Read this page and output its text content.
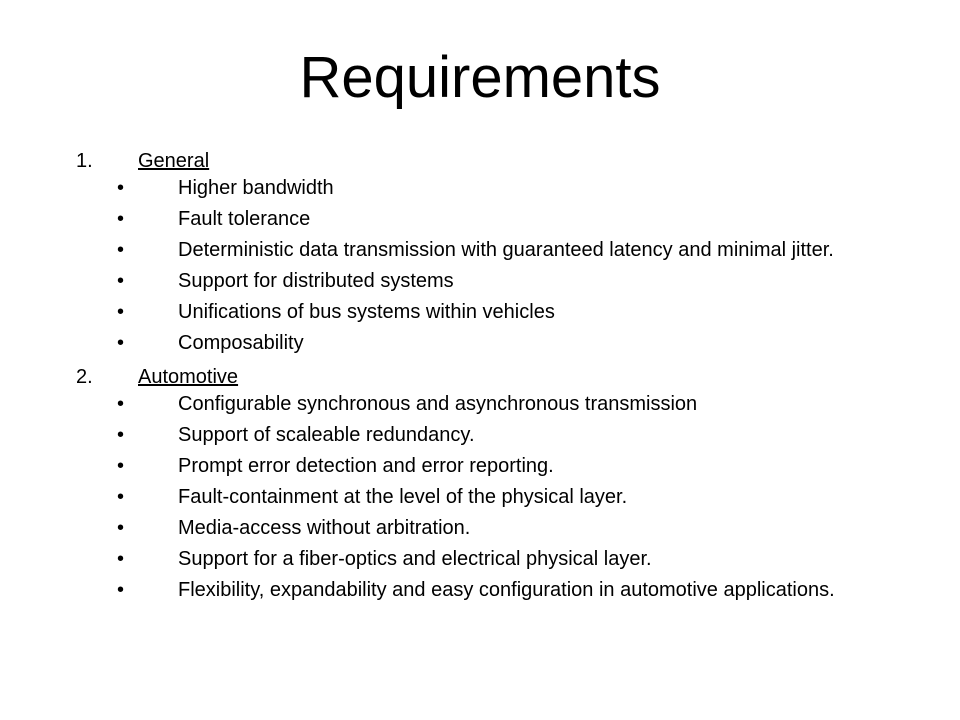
Requirements
1. General
•	Higher bandwidth
•	Fault tolerance
•	Deterministic data transmission with guaranteed latency and minimal jitter.
•	Support for distributed systems
•	Unifications of bus systems within vehicles
•	Composability
2. Automotive
•	Configurable synchronous and asynchronous transmission
•	Support of scaleable redundancy.
•	Prompt error detection and error reporting.
•	Fault-containment at the level of the physical layer.
•	Media-access without arbitration.
•	Support for a fiber-optics and electrical physical layer.
•	Flexibility, expandability and easy configuration in automotive applications.
